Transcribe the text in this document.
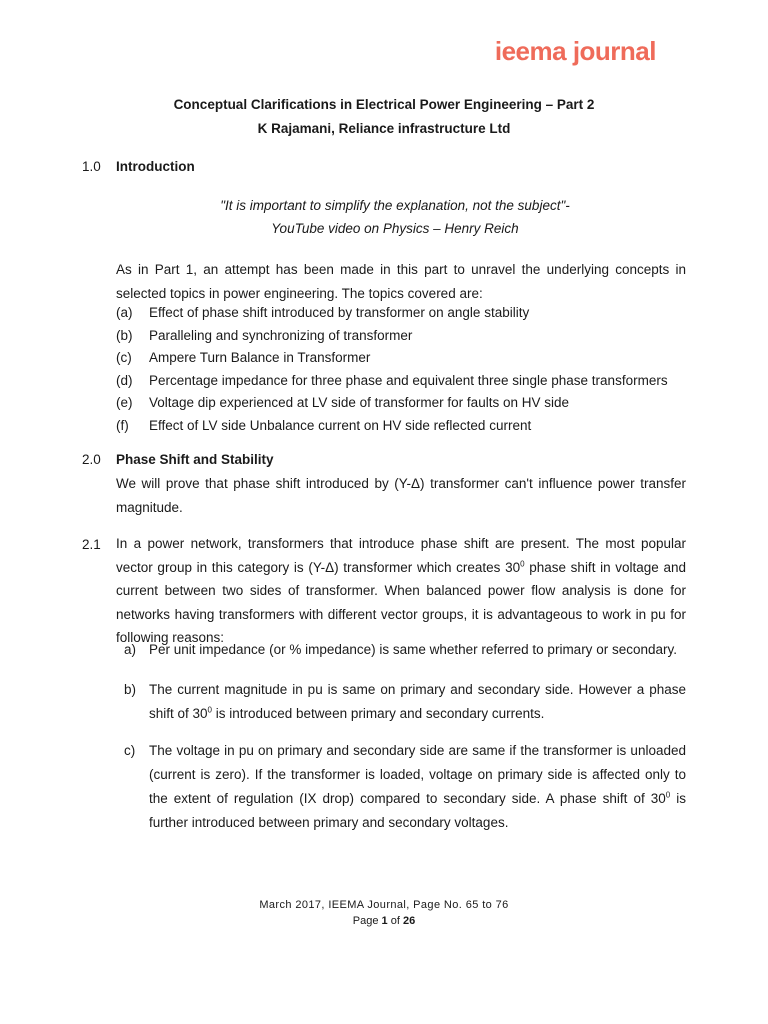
ieema journal
Conceptual Clarifications in Electrical Power Engineering – Part 2
K Rajamani, Reliance infrastructure Ltd
1.0 Introduction
"It is important to simplify the explanation, not the subject"-
YouTube video on Physics – Henry Reich
As in Part 1, an attempt has been made in this part to unravel the underlying concepts in selected topics in power engineering. The topics covered are:
(a) Effect of phase shift introduced by transformer on angle stability
(b) Paralleling and synchronizing of transformer
(c) Ampere Turn Balance in Transformer
(d) Percentage impedance for three phase and equivalent three single phase transformers
(e) Voltage dip experienced at LV side of transformer for faults on HV side
(f) Effect of LV side Unbalance current on HV side reflected current
2.0 Phase Shift and Stability
We will prove that phase shift introduced by (Y-Δ) transformer can't influence power transfer magnitude.
2.1 In a power network, transformers that introduce phase shift are present. The most popular vector group in this category is (Y-Δ) transformer which creates $30^0$ phase shift in voltage and current between two sides of transformer. When balanced power flow analysis is done for networks having transformers with different vector groups, it is advantageous to work in pu for following reasons:
a) Per unit impedance (or % impedance) is same whether referred to primary or secondary.
b) The current magnitude in pu is same on primary and secondary side. However a phase shift of $30^0$ is introduced between primary and secondary currents.
c) The voltage in pu on primary and secondary side are same if the transformer is unloaded (current is zero). If the transformer is loaded, voltage on primary side is affected only to the extent of regulation (IX drop) compared to secondary side. A phase shift of $30^0$ is further introduced between primary and secondary voltages.
March 2017, IEEMA Journal, Page No. 65 to 76
Page 1 of 26
